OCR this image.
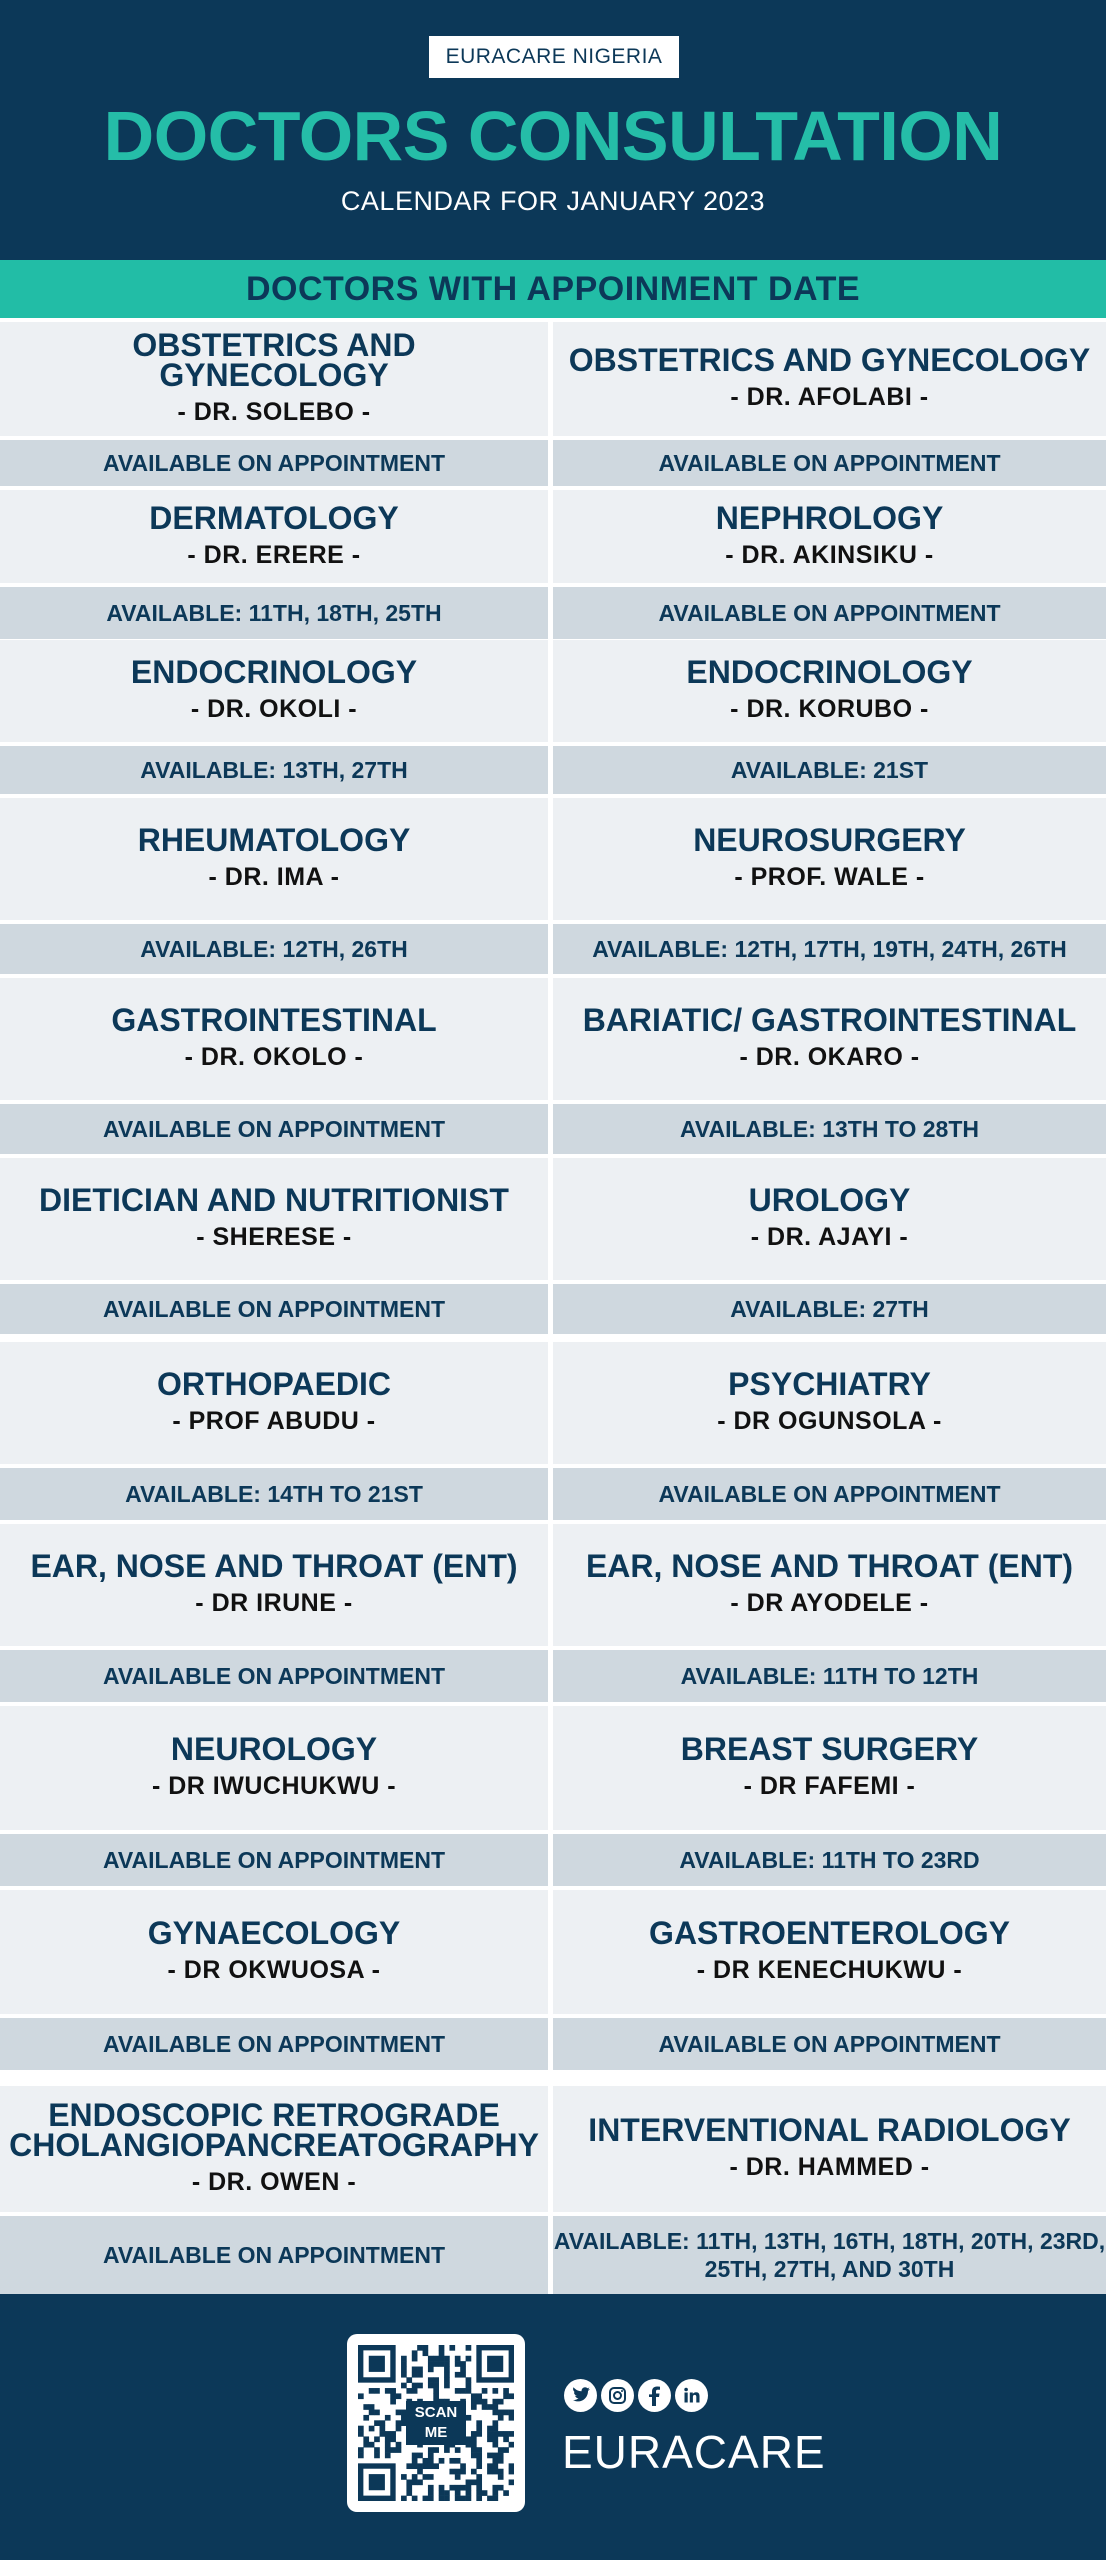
EURACARE NIGERIA
DOCTORS CONSULTATION
CALENDAR FOR JANUARY 2023
DOCTORS WITH APPOINMENT DATE
OBSTETRICS AND GYNECOLOGY
- DR. SOLEBO -
AVAILABLE ON APPOINTMENT
OBSTETRICS AND GYNECOLOGY
- DR. AFOLABI -
AVAILABLE ON APPOINTMENT
DERMATOLOGY
- DR. ERERE -
AVAILABLE: 11TH, 18TH, 25TH
NEPHROLOGY
- DR. AKINSIKU -
AVAILABLE ON APPOINTMENT
ENDOCRINOLOGY
- DR. OKOLI -
AVAILABLE: 13TH, 27TH
ENDOCRINOLOGY
- DR. KORUBO -
AVAILABLE: 21ST
RHEUMATOLOGY
- DR. IMA -
AVAILABLE: 12TH, 26TH
NEUROSURGERY
- PROF. WALE -
AVAILABLE: 12TH, 17TH, 19TH, 24TH, 26TH
GASTROINTESTINAL
- DR. OKOLO -
AVAILABLE ON APPOINTMENT
BARIATIC/ GASTROINTESTINAL
- DR. OKARO -
AVAILABLE: 13TH TO 28TH
DIETICIAN AND NUTRITIONIST
- SHERESE -
AVAILABLE ON APPOINTMENT
UROLOGY
- DR. AJAYI -
AVAILABLE: 27TH
ORTHOPAEDIC
- PROF ABUDU -
AVAILABLE: 14TH TO 21ST
PSYCHIATRY
- DR OGUNSOLA -
AVAILABLE ON APPOINTMENT
EAR, NOSE AND THROAT (ENT)
- DR IRUNE -
AVAILABLE ON APPOINTMENT
EAR, NOSE AND THROAT (ENT)
- DR AYODELE -
AVAILABLE: 11TH TO 12TH
NEUROLOGY
- DR IWUCHUKWU -
AVAILABLE ON APPOINTMENT
BREAST SURGERY
- DR FAFEMI -
AVAILABLE: 11TH TO 23RD
GYNAECOLOGY
- DR OKWUOSA -
AVAILABLE ON APPOINTMENT
GASTROENTEROLOGY
- DR KENECHUKWU -
AVAILABLE ON APPOINTMENT
ENDOSCOPIC RETROGRADE CHOLANGIOPANCREATOGRAPHY
- DR. OWEN -
AVAILABLE ON APPOINTMENT
INTERVENTIONAL RADIOLOGY
- DR. HAMMED -
AVAILABLE: 11TH, 13TH, 16TH, 18TH, 20TH, 23RD, 25TH, 27TH, AND 30TH
SCAN ME	EURACARE
